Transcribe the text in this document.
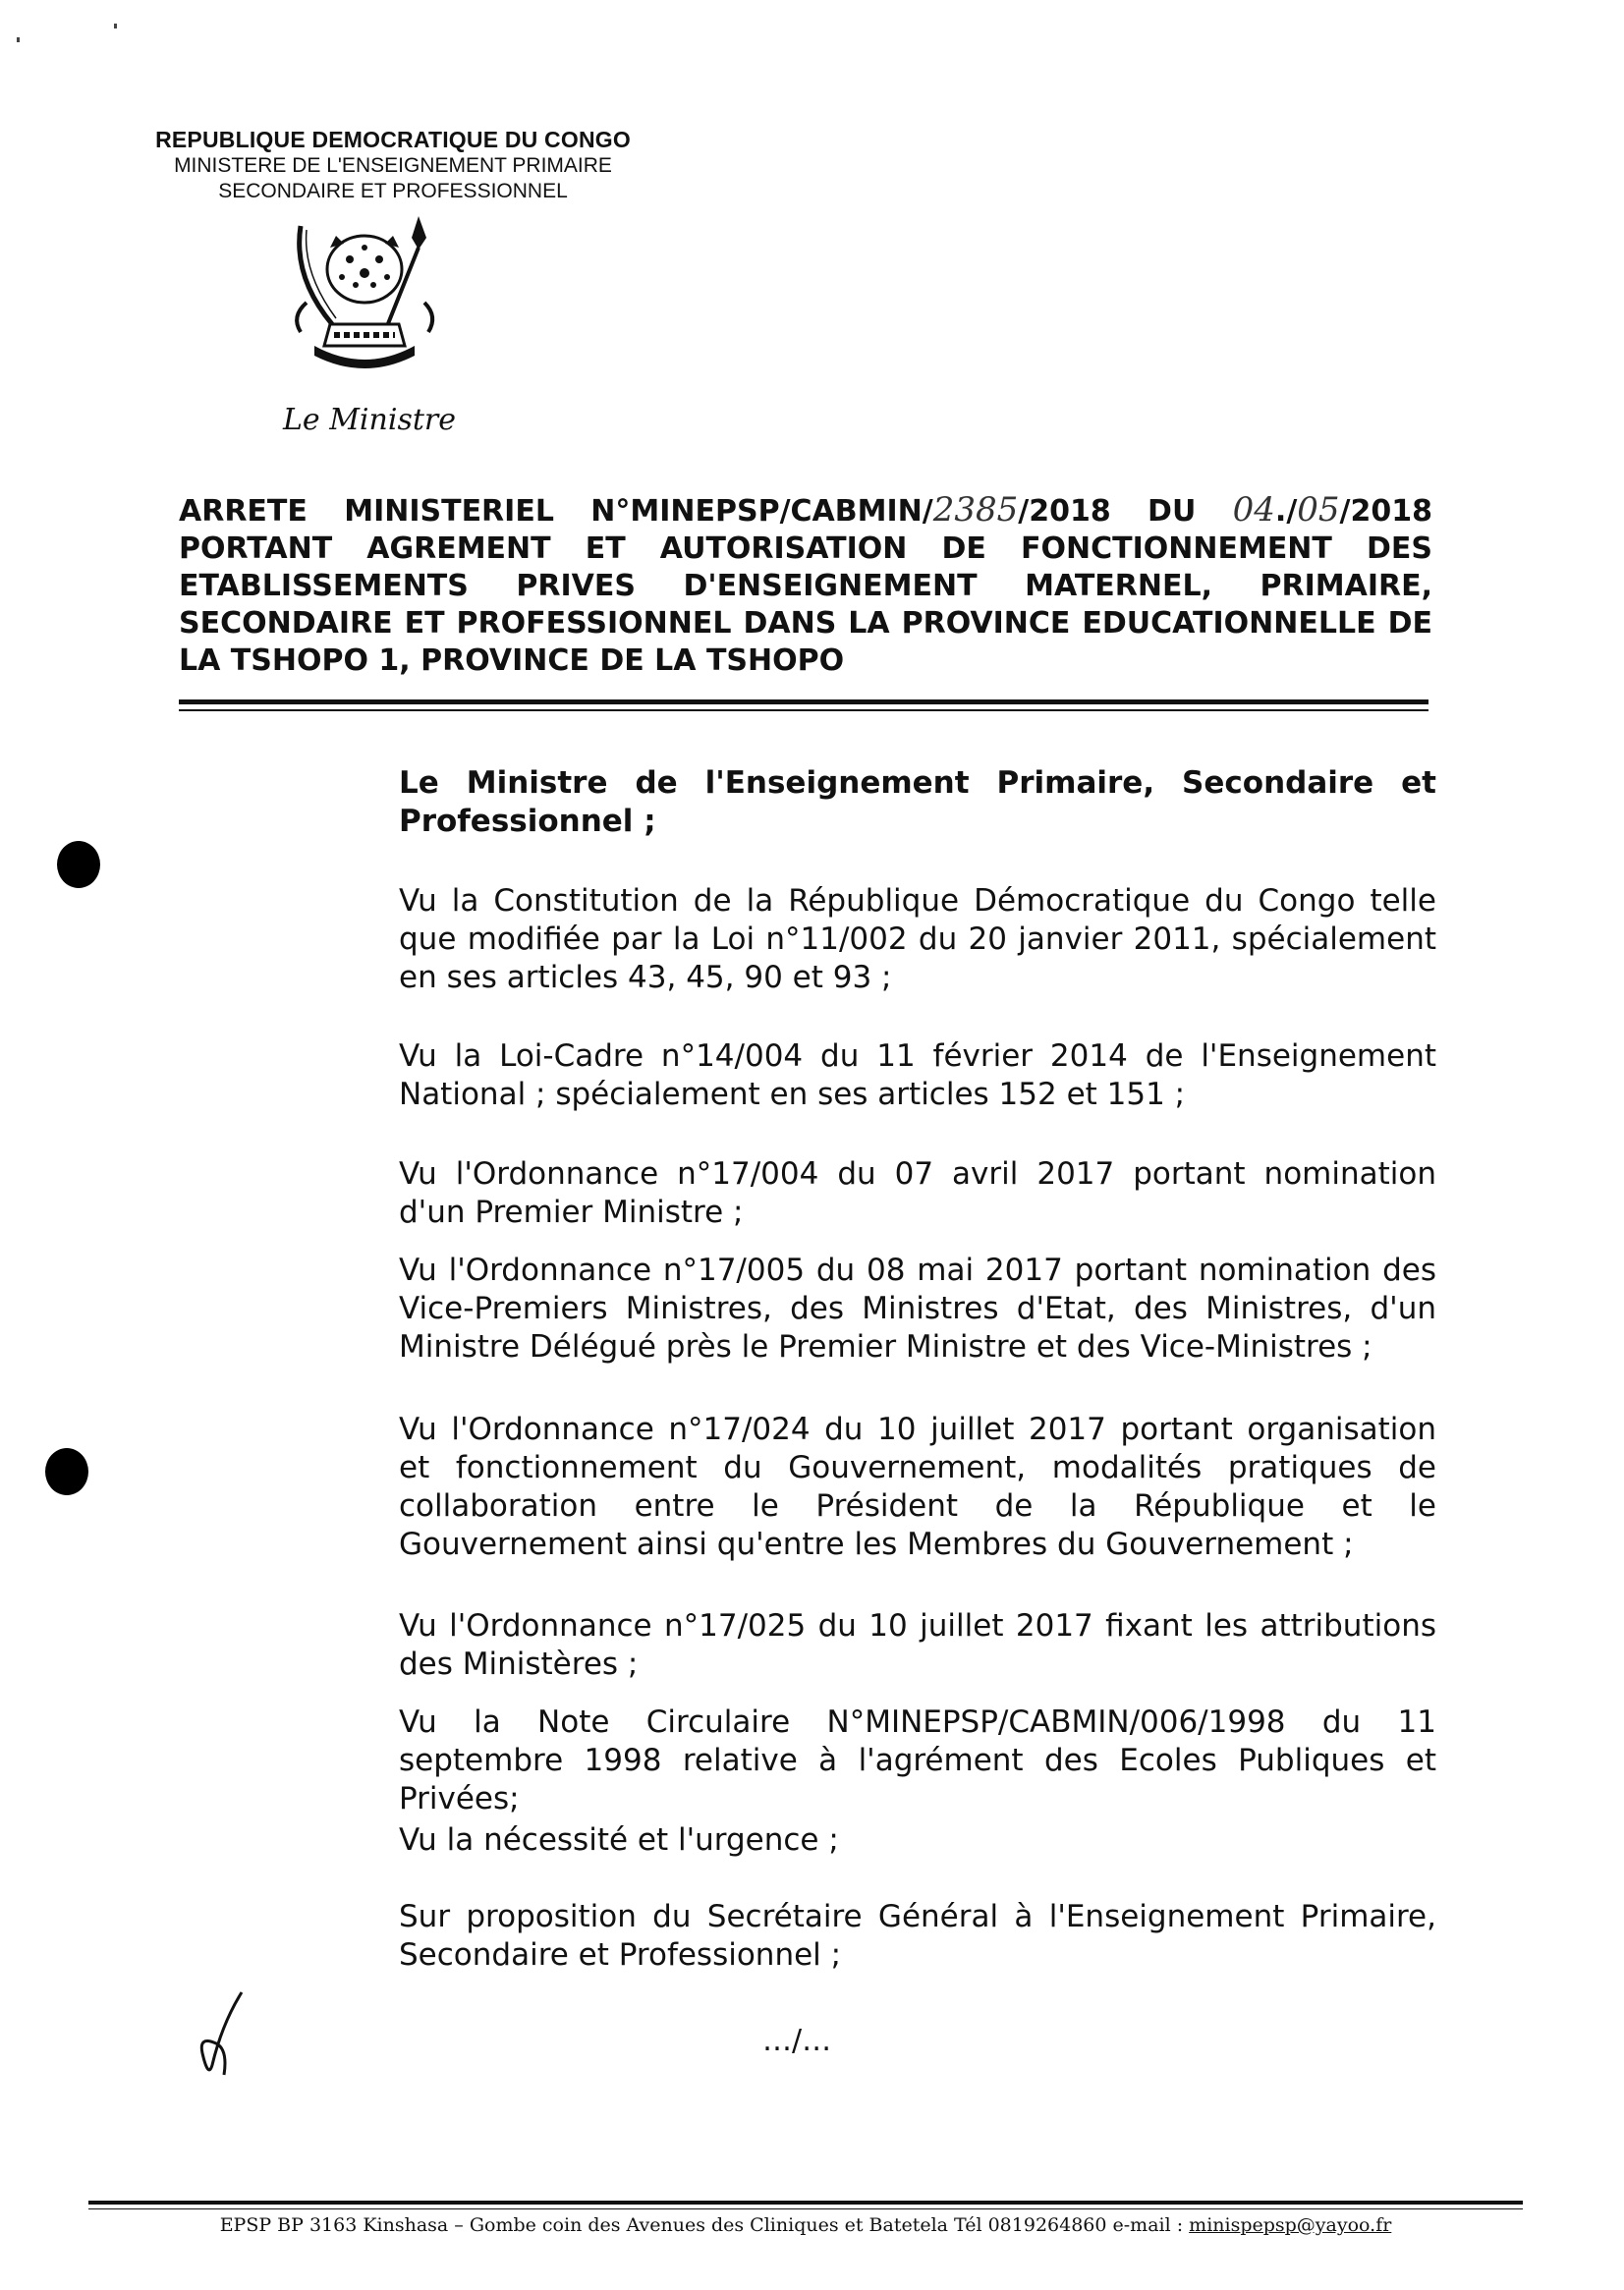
REPUBLIQUE DEMOCRATIQUE DU CONGO
MINISTERE DE L'ENSEIGNEMENT PRIMAIRE
SECONDAIRE ET PROFESSIONNEL
Le Ministre
ARRETE MINISTERIEL N°MINEPSP/CABMIN/2385/2018 DU 04./05/2018
PORTANT AGREMENT ET AUTORISATION DE FONCTIONNEMENT DES
ETABLISSEMENTS PRIVES D'ENSEIGNEMENT MATERNEL, PRIMAIRE,
SECONDAIRE ET PROFESSIONNEL DANS LA PROVINCE EDUCATIONNELLE DE
LA TSHOPO 1, PROVINCE DE LA TSHOPO
Le Ministre de l'Enseignement Primaire, Secondaire et Professionnel ;
Vu la Constitution de la République Démocratique du Congo telle que modifiée par la Loi n°11/002 du 20 janvier 2011, spécialement en ses articles 43, 45, 90 et 93 ;
Vu la Loi-Cadre n°14/004 du 11 février 2014 de l'Enseignement National ; spécialement en ses articles 152 et 151 ;
Vu l'Ordonnance n°17/004 du 07 avril 2017 portant nomination d'un Premier Ministre ;
Vu l'Ordonnance n°17/005 du 08 mai 2017 portant nomination des Vice-Premiers Ministres, des Ministres d'Etat, des Ministres, d'un Ministre Délégué près le Premier Ministre et des Vice-Ministres ;
Vu l'Ordonnance n°17/024 du 10 juillet 2017 portant organisation et fonctionnement du Gouvernement, modalités pratiques de collaboration entre le Président de la République et le Gouvernement ainsi qu'entre les Membres du Gouvernement ;
Vu l'Ordonnance n°17/025 du 10 juillet 2017 fixant les attributions des Ministères ;
Vu la Note Circulaire N°MINEPSP/CABMIN/006/1998 du 11 septembre 1998 relative à l'agrément des Ecoles Publiques et Privées;
Vu la nécessité et l'urgence ;
Sur proposition du Secrétaire Général à l'Enseignement Primaire, Secondaire et Professionnel ;
…/…
EPSP BP 3163 Kinshasa – Gombe coin des Avenues des Cliniques et Batetela Tél 0819264860 e-mail : minispepsp@yayoo.fr
